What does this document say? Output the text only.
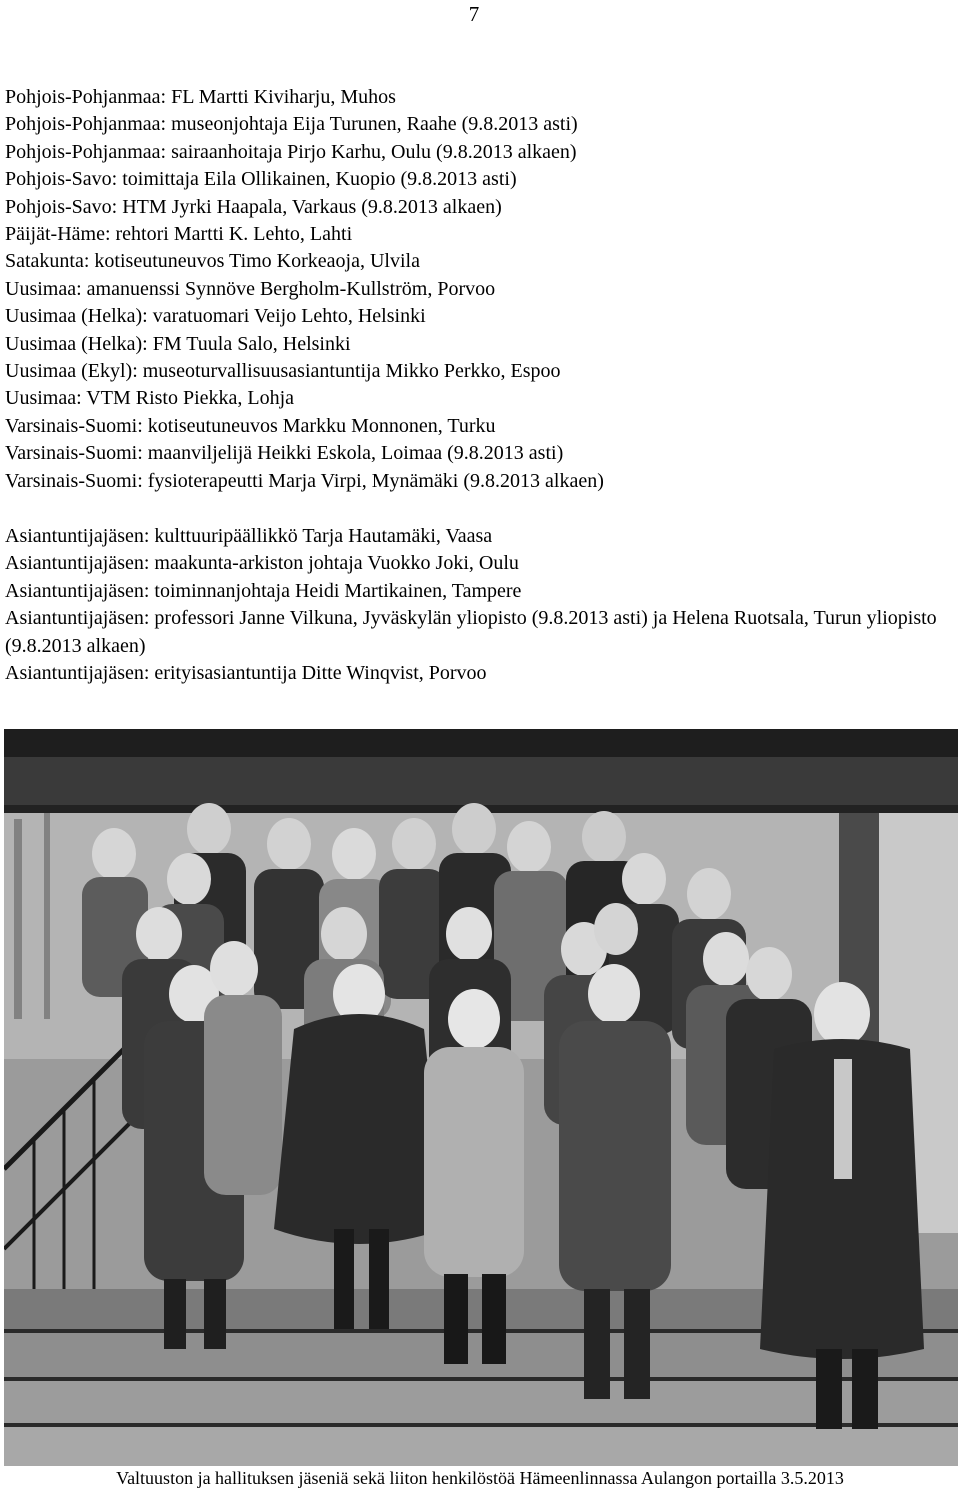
7
Pohjois-Pohjanmaa: FL Martti Kiviharju, Muhos
Pohjois-Pohjanmaa: museonjohtaja Eija Turunen, Raahe (9.8.2013 asti)
Pohjois-Pohjanmaa: sairaanhoitaja Pirjo Karhu, Oulu (9.8.2013 alkaen)
Pohjois-Savo: toimittaja Eila Ollikainen, Kuopio (9.8.2013 asti)
Pohjois-Savo: HTM Jyrki Haapala, Varkaus (9.8.2013 alkaen)
Päijät-Häme: rehtori Martti K. Lehto, Lahti
Satakunta: kotiseutuneuvos Timo Korkeaoja, Ulvila
Uusimaa: amanuenssi Synnöve Bergholm-Kullström, Porvoo
Uusimaa (Helka): varatuomari Veijo Lehto, Helsinki
Uusimaa (Helka): FM Tuula Salo, Helsinki
Uusimaa (Ekyl): museoturvallisuusasiantuntija Mikko Perkko, Espoo
Uusimaa: VTM Risto Piekka, Lohja
Varsinais-Suomi: kotiseutuneuvos Markku Monnonen, Turku
Varsinais-Suomi: maanviljelijä Heikki Eskola, Loimaa (9.8.2013 asti)
Varsinais-Suomi: fysioterapeutti Marja Virpi, Mynämäki (9.8.2013 alkaen)
Asiantuntijajäsen: kulttuuripäällikkö Tarja Hautamäki, Vaasa
Asiantuntijajäsen: maakunta-arkiston johtaja Vuokko Joki, Oulu
Asiantuntijajäsen: toiminnanjohtaja Heidi Martikainen, Tampere
Asiantuntijajäsen: professori Janne Vilkuna, Jyväskylän yliopisto (9.8.2013 asti) ja Helena Ruotsala, Turun yliopisto (9.8.2013 alkaen)
Asiantuntijajäsen: erityisasiantuntija Ditte Winqvist, Porvoo
Valtuuston ja hallituksen jäseniä sekä liiton henkilöstöä Hämeenlinnassa Aulangon portailla 3.5.2013
